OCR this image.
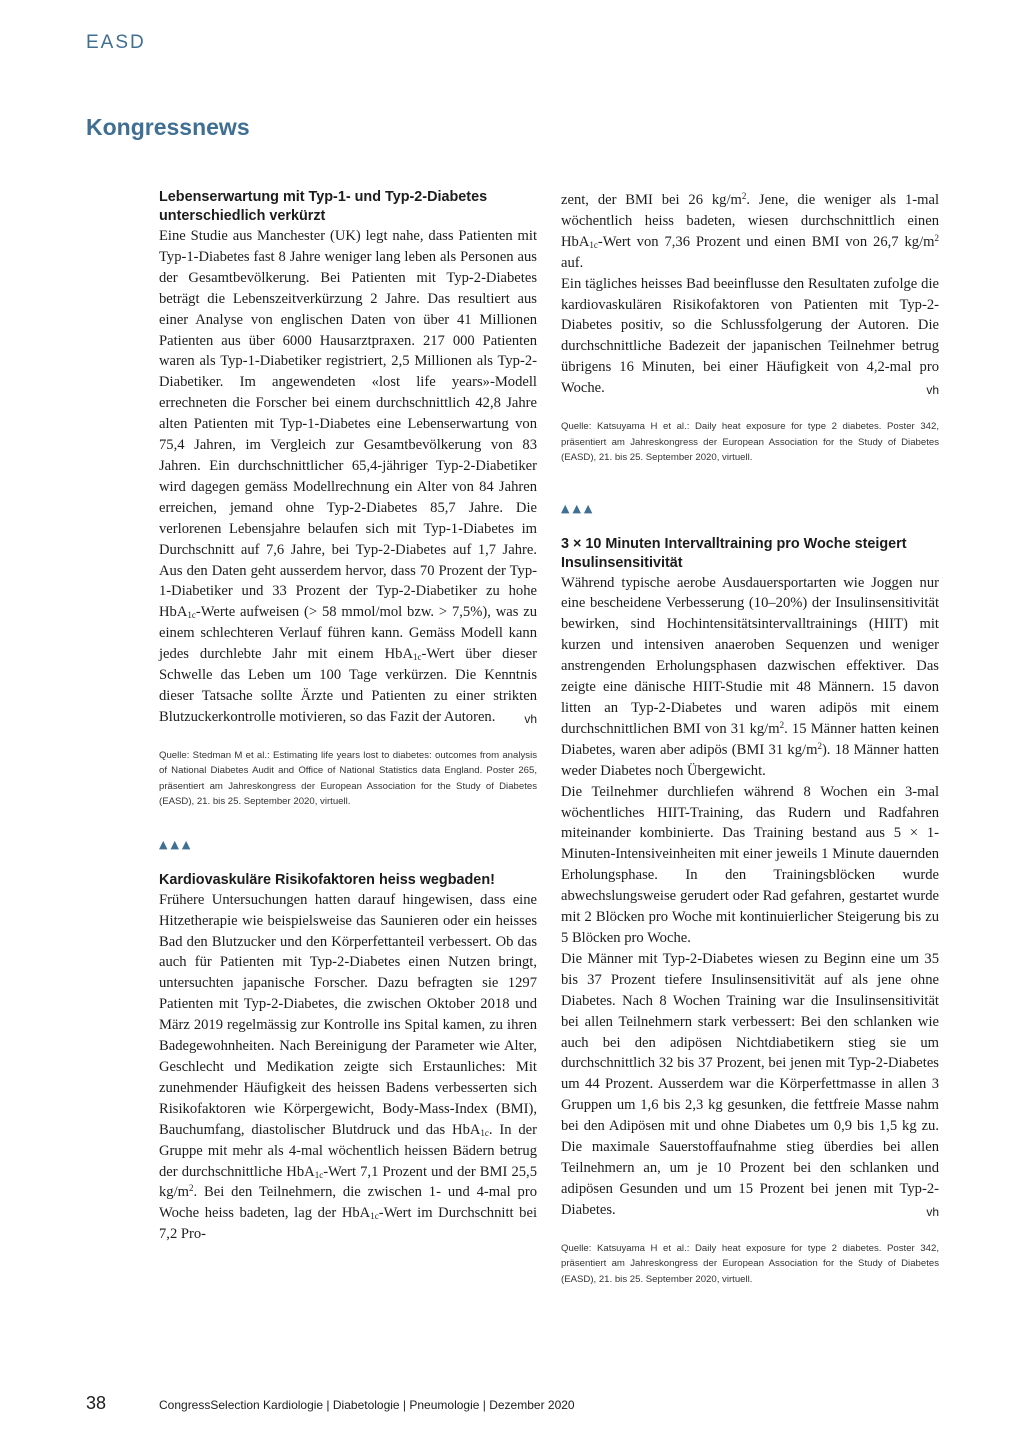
EASD
Kongressnews
Lebenserwartung mit Typ-1- und Typ-2-Diabetes unterschiedlich verkürzt

Eine Studie aus Manchester (UK) legt nahe, dass Patienten mit Typ-1-Diabetes fast 8 Jahre weniger lang leben als Personen aus der Gesamtbevölkerung. Bei Patienten mit Typ-2-Diabetes beträgt die Lebenszeitverkürzung 2 Jahre. Das resultiert aus einer Analyse von englischen Daten von über 41 Millionen Patienten aus über 6000 Hausarztpraxen. 217 000 Patienten waren als Typ-1-Diabetiker registriert, 2,5 Millionen als Typ-2-Diabetiker. Im angewendeten «lost life years»-Modell errechneten die Forscher bei einem durchschnittlich 42,8 Jahre alten Patienten mit Typ-1-Diabetes eine Lebenserwartung von 75,4 Jahren, im Vergleich zur Gesamtbevölkerung von 83 Jahren. Ein durchschnittlicher 65,4-jähriger Typ-2-Diabetiker wird dagegen gemäss Modellrechnung ein Alter von 84 Jahren erreichen, jemand ohne Typ-2-Diabetes 85,7 Jahre. Die verlorenen Lebensjahre belaufen sich mit Typ-1-Diabetes im Durchschnitt auf 7,6 Jahre, bei Typ-2-Diabetes auf 1,7 Jahre. Aus den Daten geht ausserdem hervor, dass 70 Prozent der Typ-1-Diabetiker und 33 Prozent der Typ-2-Diabetiker zu hohe HbA$_{1c}$-Werte aufweisen (> 58 mmol/mol bzw. > 7,5%), was zu einem schlechteren Verlauf führen kann. Gemäss Modell kann jedes durchlebte Jahr mit einem HbA$_{1c}$-Wert über dieser Schwelle das Leben um 100 Tage verkürzen. Die Kenntnis dieser Tatsache sollte Ärzte und Patienten zu einer strikten Blutzuckerkontrolle motivieren, so das Fazit der Autoren. vh

Quelle: Stedman M et al.: Estimating life years lost to diabetes: outcomes from analysis of National Diabetes Audit and Office of National Statistics data England. Poster 265, präsentiert am Jahreskongress der European Association for the Study of Diabetes (EASD), 21. bis 25. September 2020, virtuell.

▲▲▲

Kardiovaskuläre Risikofaktoren heiss wegbaden!

Frühere Untersuchungen hatten darauf hingewisen, dass eine Hitzetherapie wie beispielsweise das Saunieren oder ein heisses Bad den Blutzucker und den Körperfettanteil verbessert. Ob das auch für Patienten mit Typ-2-Diabetes einen Nutzen bringt, untersuchten japanische Forscher. Dazu befragten sie 1297 Patienten mit Typ-2-Diabetes, die zwischen Oktober 2018 und März 2019 regelmässig zur Kontrolle ins Spital kamen, zu ihren Badegewohnheiten. Nach Bereinigung der Parameter wie Alter, Geschlecht und Medikation zeigte sich Erstaunliches: Mit zunehmender Häufigkeit des heissen Badens verbesserten sich Risikofaktoren wie Körpergewicht, Body-Mass-Index (BMI), Bauchumfang, diastolischer Blutdruck und das HbA$_{1c}$. In der Gruppe mit mehr als 4-mal wöchentlich heissen Bädern betrug der durchschnittliche HbA$_{1c}$-Wert 7,1 Prozent und der BMI 25,5 $kg/m^2$. Bei den Teilnehmern, die zwischen 1- und 4-mal pro Woche heiss badeten, lag der HbA$_{1c}$-Wert im Durchschnitt bei 7,2 Pro-

zent, der BMI bei 26 $kg/m^2$. Jene, die weniger als 1-mal wöchentlich heiss badeten, wiesen durchschnittlich einen HbA$_{1c}$-Wert von 7,36 Prozent und einen BMI von 26,7 $kg/m^2$ auf.

Ein tägliches heisses Bad beeinflusse den Resultaten zufolge die kardiovaskulären Risikofaktoren von Patienten mit Typ-2-Diabetes positiv, so die Schlussfolgerung der Autoren. Die durchschnittliche Badezeit der japanischen Teilnehmer betrug übrigens 16 Minuten, bei einer Häufigkeit von 4,2-mal pro Woche.	vh

Quelle: Katsuyama H et al.: Daily heat exposure for type 2 diabetes. Poster 342, präsentiert am Jahreskongress der European Association for the Study of Diabetes (EASD), 21. bis 25. September 2020, virtuell.

▲▲▲

3 × 10 Minuten Intervalltraining pro Woche steigert Insulinsensitivität

Während typische aerobe Ausdauersportarten wie Joggen nur eine bescheidene Verbesserung (10–20%) der Insulinsensitivität bewirken, sind Hochintensitätsintervalltrainings (HIIT) mit kurzen und intensiven anaeroben Sequenzen und weniger anstrengenden Erholungsphasen dazwischen effektiver. Das zeigte eine dänische HIIT-Studie mit 48 Männern. 15 davon litten an Typ-2-Diabetes und waren adipös mit einem durchschnittlichen BMI von 31 $kg/m^2$. 15 Männer hatten keinen Diabetes, waren aber adipös (BMI 31 $kg/m^2$). 18 Männer hatten weder Diabetes noch Übergewicht.

Die Teilnehmer durchliefen während 8 Wochen ein 3-mal wöchentliches HIIT-Training, das Rudern und Radfahren miteinander kombinierte. Das Training bestand aus 5 × 1-Minuten-Intensiveinheiten mit einer jeweils 1 Minute dauernden Erholungsphase. In den Trainingsblöcken wurde abwechslungsweise gerudert oder Rad gefahren, gestartet wurde mit 2 Blöcken pro Woche mit kontinuierlicher Steigerung bis zu 5 Blöcken pro Woche.

Die Männer mit Typ-2-Diabetes wiesen zu Beginn eine um 35 bis 37 Prozent tiefere Insulinsensitivität auf als jene ohne Diabetes. Nach 8 Wochen Training war die Insulinsensitivität bei allen Teilnehmern stark verbessert: Bei den schlanken wie auch bei den adipösen Nichtdiabetikern stieg sie um durchschnittlich 32 bis 37 Prozent, bei jenen mit Typ-2-Diabetes um 44 Prozent. Ausserdem war die Körperfettmasse in allen 3 Gruppen um 1,6 bis 2,3 kg gesunken, die fettfreie Masse nahm bei den Adipösen mit und ohne Diabetes um 0,9 bis 1,5 kg zu. Die maximale Sauerstoffaufnahme stieg überdies bei allen Teilnehmern an, um je 10 Prozent bei den schlanken und adipösen Gesunden und um 15 Prozent bei jenen mit Typ-2-Diabetes.	vh

Quelle: Katsuyama H et al.: Daily heat exposure for type 2 diabetes. Poster 342, präsentiert am Jahreskongress der European Association for the Study of Diabetes (EASD), 21. bis 25. September 2020, virtuell.

38	CongressSelection Kardiologie | Diabetologie | Pneumologie | Dezember 2020
